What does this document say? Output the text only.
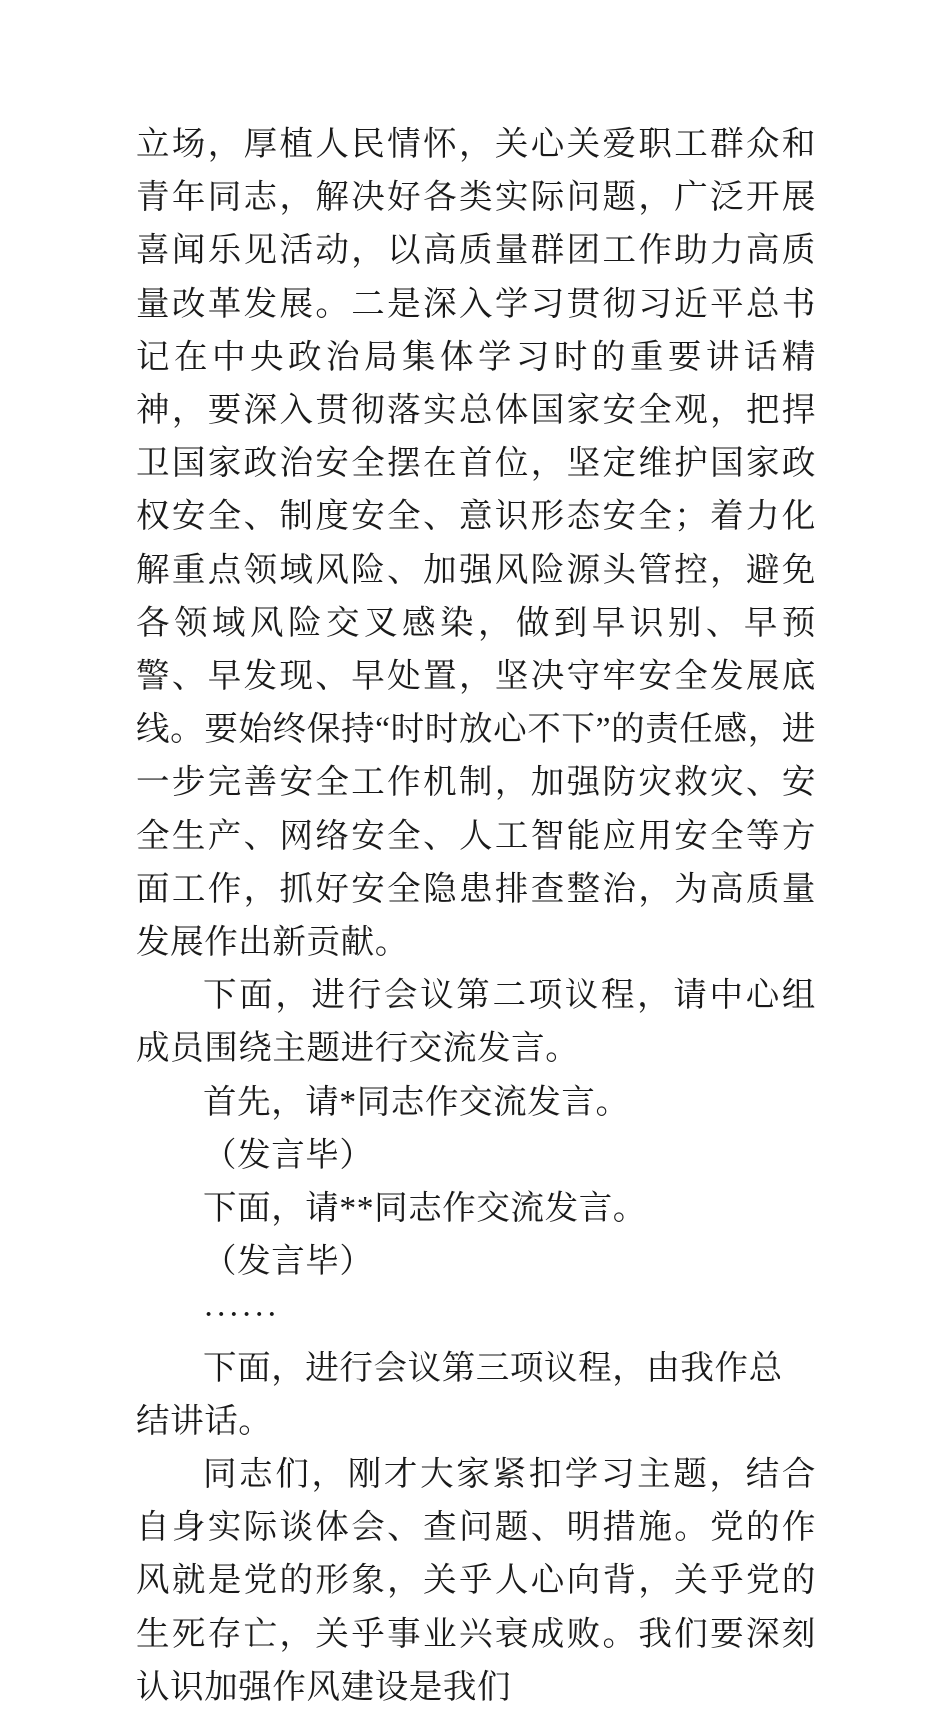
立场，厚植人民情怀，关心关爱职工群众和青年同志，解决好各类实际问题，广泛开展喜闻乐见活动，以高质量群团工作助力高质量改革发展。二是深入学习贯彻习近平总书记在中央政治局集体学习时的重要讲话精神，要深入贯彻落实总体国家安全观，把捍卫国家政治安全摆在首位，坚定维护国家政权安全、制度安全、意识形态安全；着力化解重点领域风险、加强风险源头管控，避免各领域风险交叉感染，做到早识别、早预警、早发现、早处置，坚决守牢安全发展底线。要始终保持“时时放心不下”的责任感，进一步完善安全工作机制，加强防灾救灾、安全生产、网络安全、人工智能应用安全等方面工作，抓好安全隐患排查整治，为高质量发展作出新贡献。

下面，进行会议第二项议程，请中心组成员围绕主题进行交流发言。

首先，请*同志作交流发言。

（发言毕）

下面，请**同志作交流发言。

（发言毕）

······

下面，进行会议第三项议程，由我作总结讲话。

同志们，刚才大家紧扣学习主题，结合自身实际谈体会、查问题、明措施。党的作风就是党的形象，关乎人心向背，关乎党的生死存亡，关乎事业兴衰成败。我们要深刻认识加强作风建设是我们
